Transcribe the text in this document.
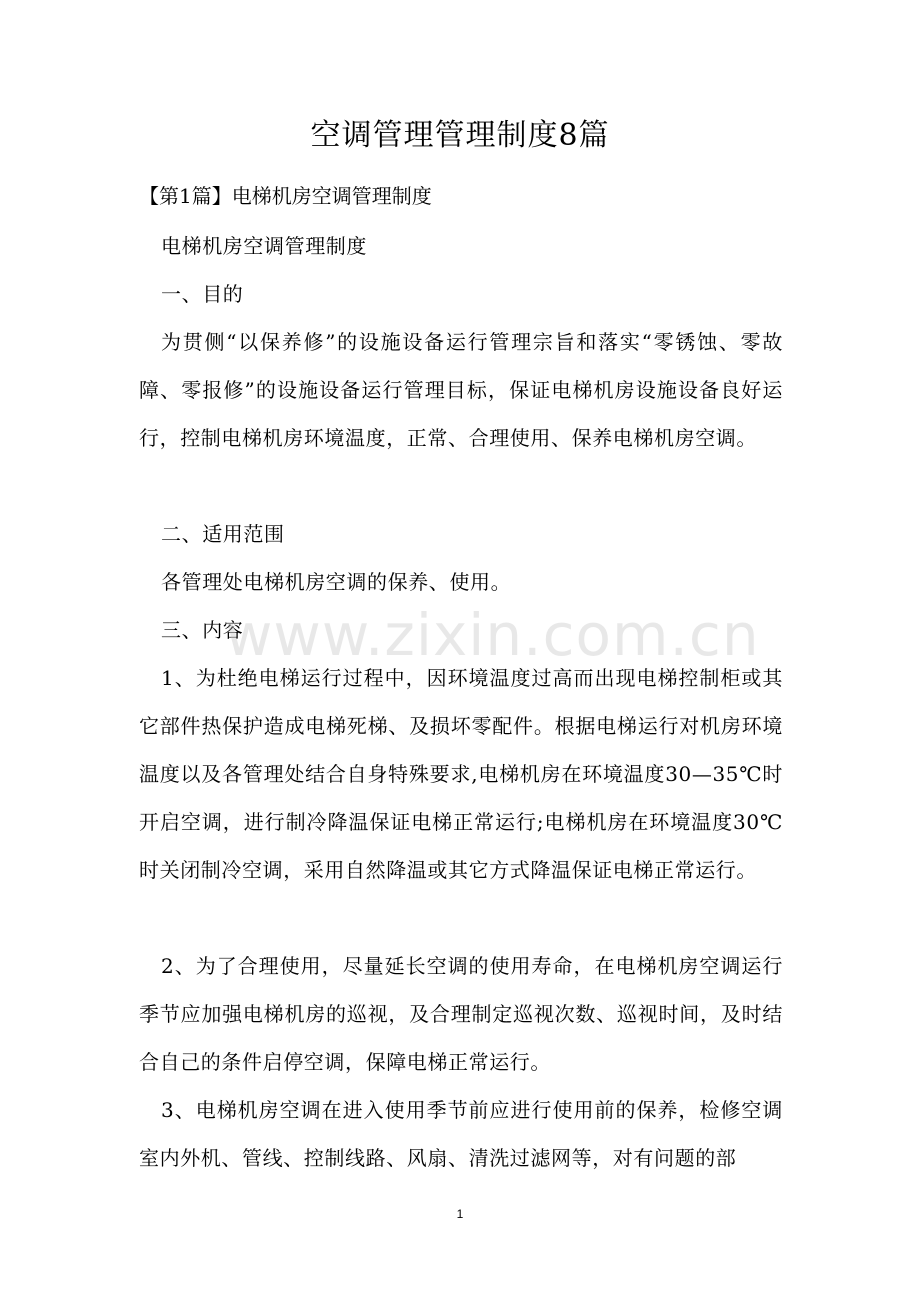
空调管理管理制度8篇

【第1篇】电梯机房空调管理制度

电梯机房空调管理制度

一、目的

为贯侧“以保养修”的设施设备运行管理宗旨和落实“零锈蚀、零故障、零报修”的设施设备运行管理目标，保证电梯机房设施设备良好运行，控制电梯机房环境温度，正常、合理使用、保养电梯机房空调。

二、适用范围

各管理处电梯机房空调的保养、使用。

三、内容

1、为杜绝电梯运行过程中，因环境温度过高而出现电梯控制柜或其它部件热保护造成电梯死梯、及损坏零配件。根据电梯运行对机房环境温度以及各管理处结合自身特殊要求,电梯机房在环境温度30—35℃时开启空调，进行制冷降温保证电梯正常运行;电梯机房在环境温度30℃时关闭制冷空调，采用自然降温或其它方式降温保证电梯正常运行。

2、为了合理使用，尽量延长空调的使用寿命，在电梯机房空调运行季节应加强电梯机房的巡视，及合理制定巡视次数、巡视时间，及时结合自己的条件启停空调，保障电梯正常运行。

3、电梯机房空调在进入使用季节前应进行使用前的保养，检修空调室内外机、管线、控制线路、风扇、清洗过滤网等，对有问题的部

www.zixin.com.cn
1
